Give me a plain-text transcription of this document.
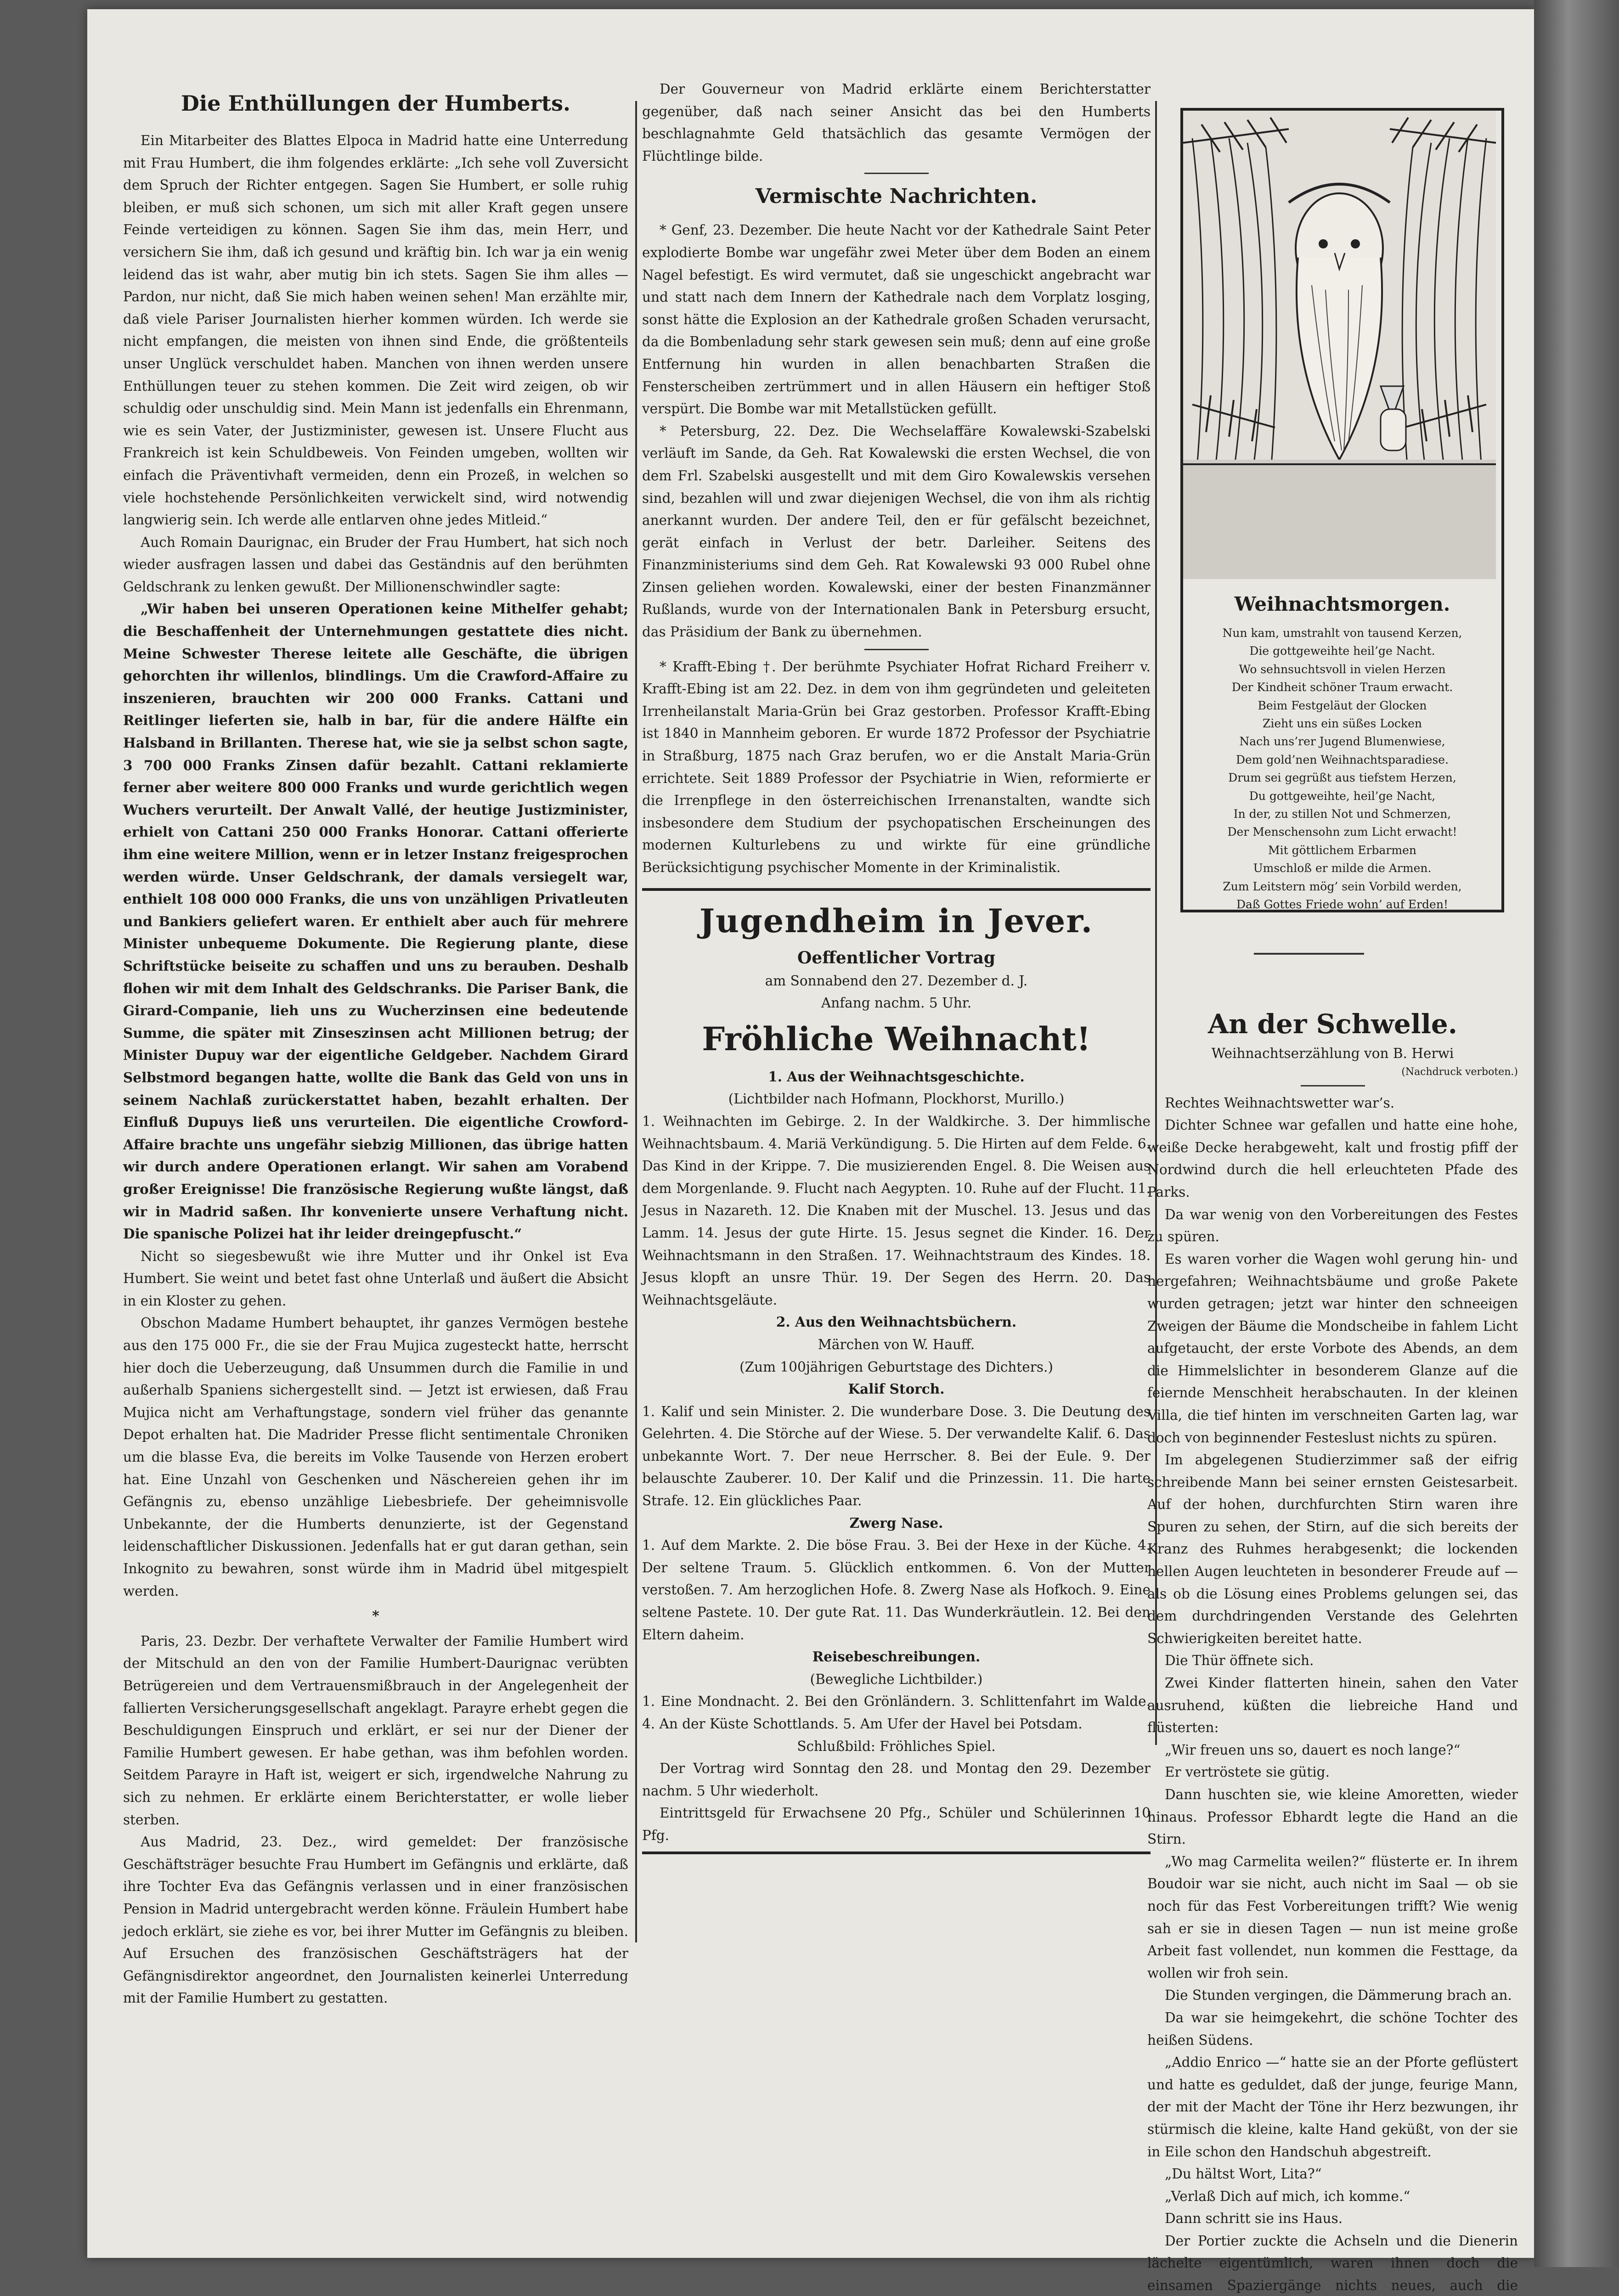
Die Enthüllungen der Humberts.

Ein Mitarbeiter des Blattes Elpoca in Madrid hatte eine Unterredung mit Frau Humbert, die ihm folgendes erklärte: „Ich sehe voll Zuversicht dem Spruch der Richter entgegen. Sagen Sie Humbert, er solle ruhig bleiben, er muß sich schonen, um sich mit aller Kraft gegen unsere Feinde verteidigen zu können. Sagen Sie ihm das, mein Herr, und versichern Sie ihm, daß ich gesund und kräftig bin. Ich war ja ein wenig leidend das ist wahr, aber mutig bin ich stets. Sagen Sie ihm alles — Pardon, nur nicht, daß Sie mich haben weinen sehen! Man erzählte mir, daß viele Pariser Journalisten hierher kommen würden. Ich werde sie nicht empfangen, die meisten von ihnen sind Ende, die größtenteils unser Unglück verschuldet haben. Manchen von ihnen werden unsere Enthüllungen teuer zu stehen kommen. Die Zeit wird zeigen, ob wir schuldig oder unschuldig sind. Mein Mann ist jedenfalls ein Ehrenmann, wie es sein Vater, der Justizminister, gewesen ist. Unsere Flucht aus Frankreich ist kein Schuldbeweis. Von Feinden umgeben, wollten wir einfach die Präventivhaft vermeiden, denn ein Prozeß, in welchen so viele hochstehende Persönlichkeiten verwickelt sind, wird notwendig langwierig sein. Ich werde alle entlarven ohne jedes Mitleid.“

Auch Romain Daurignac, ein Bruder der Frau Humbert, hat sich noch wieder ausfragen lassen und dabei das Geständnis auf den berühmten Geldschrank zu lenken gewußt. Der Millionenschwindler sagte:

„Wir haben bei unseren Operationen keine Mithelfer gehabt; die Beschaffenheit der Unternehmungen gestattete dies nicht. Meine Schwester Therese leitete alle Geschäfte, die übrigen gehorchten ihr willenlos, blindlings. Um die Crawford-Affaire zu inszenieren, brauchten wir 200 000 Franks. Cattani und Reitlinger lieferten sie, halb in bar, für die andere Hälfte ein Halsband in Brillanten. Therese hat, wie sie ja selbst schon sagte, 3 700 000 Franks Zinsen dafür bezahlt. Cattani reklamierte ferner aber weitere 800 000 Franks und wurde gerichtlich wegen Wuchers verurteilt. Der Anwalt Vallé, der heutige Justizminister, erhielt von Cattani 250 000 Franks Honorar. Cattani offerierte ihm eine weitere Million, wenn er in letzer Instanz freigesprochen werden würde. Unser Geldschrank, der damals versiegelt war, enthielt 108 000 000 Franks, die uns von unzähligen Privatleuten und Bankiers geliefert waren. Er enthielt aber auch für mehrere Minister unbequeme Dokumente. Die Regierung plante, diese Schriftstücke beiseite zu schaffen und uns zu berauben. Deshalb flohen wir mit dem Inhalt des Geldschranks. Die Pariser Bank, die Girard-Companie, lieh uns zu Wucherzinsen eine bedeutende Summe, die später mit Zinseszinsen acht Millionen betrug; der Minister Dupuy war der eigentliche Geldgeber. Nachdem Girard Selbstmord begangen hatte, wollte die Bank das Geld von uns in seinem Nachlaß zurückerstattet haben, bezahlt erhalten. Der Einfluß Dupuys ließ uns verurteilen. Die eigentliche Crowford-Affaire brachte uns ungefähr siebzig Millionen, das übrige hatten wir durch andere Operationen erlangt. Wir sahen am Vorabend großer Ereignisse! Die französische Regierung wußte längst, daß wir in Madrid saßen. Ihr konvenierte unsere Verhaftung nicht. Die spanische Polizei hat ihr leider dreingepfuscht.“

Nicht so siegesbewußt wie ihre Mutter und ihr Onkel ist Eva Humbert. Sie weint und betet fast ohne Unterlaß und äußert die Absicht in ein Kloster zu gehen.

Obschon Madame Humbert behauptet, ihr ganzes Vermögen bestehe aus den 175 000 Fr., die sie der Frau Mujica zugesteckt hatte, herrscht hier doch die Ueberzeugung, daß Unsummen durch die Familie in und außerhalb Spaniens sichergestellt sind. — Jetzt ist erwiesen, daß Frau Mujica nicht am Verhaftungstage, sondern viel früher das genannte Depot erhalten hat. Die Madrider Presse flicht sentimentale Chroniken um die blasse Eva, die bereits im Volke Tausende von Herzen erobert hat. Eine Unzahl von Geschenken und Näschereien gehen ihr im Gefängnis zu, ebenso unzählige Liebesbriefe. Der geheimnisvolle Unbekannte, der die Humberts denunzierte, ist der Gegenstand leidenschaftlicher Diskussionen. Jedenfalls hat er gut daran gethan, sein Inkognito zu bewahren, sonst würde ihm in Madrid übel mitgespielt werden.

*

Paris, 23. Dezbr. Der verhaftete Verwalter der Familie Humbert wird der Mitschuld an den von der Familie Humbert-Daurignac verübten Betrügereien und dem Vertrauensmißbrauch in der Angelegenheit der fallierten Versicherungsgesellschaft angeklagt. Parayre erhebt gegen die Beschuldigungen Einspruch und erklärt, er sei nur der Diener der Familie Humbert gewesen. Er habe gethan, was ihm befohlen worden. Seitdem Parayre in Haft ist, weigert er sich, irgendwelche Nahrung zu sich zu nehmen. Er erklärte einem Berichterstatter, er wolle lieber sterben.

Aus Madrid, 23. Dez., wird gemeldet: Der französische Geschäftsträger besuchte Frau Humbert im Gefängnis und erklärte, daß ihre Tochter Eva das Gefängnis verlassen und in einer französischen Pension in Madrid untergebracht werden könne. Fräulein Humbert habe jedoch erklärt, sie ziehe es vor, bei ihrer Mutter im Gefängnis zu bleiben. Auf Ersuchen des französischen Geschäftsträgers hat der Gefängnisdirektor angeordnet, den Journalisten keinerlei Unterredung mit der Familie Humbert zu gestatten.

Der Gouverneur von Madrid erklärte einem Berichterstatter gegenüber, daß nach seiner Ansicht das bei den Humberts beschlagnahmte Geld thatsächlich das gesamte Vermögen der Flüchtlinge bilde.

Vermischte Nachrichten.

* Genf, 23. Dezember. Die heute Nacht vor der Kathedrale Saint Peter explodierte Bombe war ungefähr zwei Meter über dem Boden an einem Nagel befestigt. Es wird vermutet, daß sie ungeschickt angebracht war und statt nach dem Innern der Kathedrale nach dem Vorplatz losging, sonst hätte die Explosion an der Kathedrale großen Schaden verursacht, da die Bombenladung sehr stark gewesen sein muß; denn auf eine große Entfernung hin wurden in allen benachbarten Straßen die Fensterscheiben zertrümmert und in allen Häusern ein heftiger Stoß verspürt. Die Bombe war mit Metallstücken gefüllt.

* Petersburg, 22. Dez. Die Wechselaffäre Kowalewski-Szabelski verläuft im Sande, da Geh. Rat Kowalewski die ersten Wechsel, die von dem Frl. Szabelski ausgestellt und mit dem Giro Kowalewskis versehen sind, bezahlen will und zwar diejenigen Wechsel, die von ihm als richtig anerkannt wurden. Der andere Teil, den er für gefälscht bezeichnet, gerät einfach in Verlust der betr. Darleiher. Seitens des Finanzministeriums sind dem Geh. Rat Kowalewski 93 000 Rubel ohne Zinsen geliehen worden. Kowalewski, einer der besten Finanzmänner Rußlands, wurde von der Internationalen Bank in Petersburg ersucht, das Präsidium der Bank zu übernehmen.

* Krafft-Ebing †. Der berühmte Psychiater Hofrat Richard Freiherr v. Krafft-Ebing ist am 22. Dez. in dem von ihm gegründeten und geleiteten Irrenheilanstalt Maria-Grün bei Graz gestorben. Professor Krafft-Ebing ist 1840 in Mannheim geboren. Er wurde 1872 Professor der Psychiatrie in Straßburg, 1875 nach Graz berufen, wo er die Anstalt Maria-Grün errichtete. Seit 1889 Professor der Psychiatrie in Wien, reformierte er die Irrenpflege in den österreichischen Irrenanstalten, wandte sich insbesondere dem Studium der psychopatischen Erscheinungen des modernen Kulturlebens zu und wirkte für eine gründliche Berücksichtigung psychischer Momente in der Kriminalistik.

Jugendheim in Jever.
Oeffentlicher Vortrag
am Sonnabend den 27. Dezember d. J.
Anfang nachm. 5 Uhr.
Fröhliche Weihnacht!
1. Aus der Weihnachtsgeschichte.
(Lichtbilder nach Hofmann, Plockhorst, Murillo.)

1. Weihnachten im Gebirge. 2. In der Waldkirche. 3. Der himmlische Weihnachtsbaum. 4. Mariä Verkündigung. 5. Die Hirten auf dem Felde. 6. Das Kind in der Krippe. 7. Die musizierenden Engel. 8. Die Weisen aus dem Morgenlande. 9. Flucht nach Aegypten. 10. Ruhe auf der Flucht. 11. Jesus in Nazareth. 12. Die Knaben mit der Muschel. 13. Jesus und das Lamm. 14. Jesus der gute Hirte. 15. Jesus segnet die Kinder. 16. Der Weihnachtsmann in den Straßen. 17. Weihnachtstraum des Kindes. 18. Jesus klopft an unsre Thür. 19. Der Segen des Herrn. 20. Das Weihnachtsgeläute.

2. Aus den Weihnachtsbüchern.
Märchen von W. Hauff.
(Zum 100jährigen Geburtstage des Dichters.)
Kalif Storch.

1. Kalif und sein Minister. 2. Die wunderbare Dose. 3. Die Deutung des Gelehrten. 4. Die Störche auf der Wiese. 5. Der verwandelte Kalif. 6. Das unbekannte Wort. 7. Der neue Herrscher. 8. Bei der Eule. 9. Der belauschte Zauberer. 10. Der Kalif und die Prinzessin. 11. Die harte Strafe. 12. Ein glückliches Paar.

Zwerg Nase.

1. Auf dem Markte. 2. Die böse Frau. 3. Bei der Hexe in der Küche. 4. Der seltene Traum. 5. Glücklich entkommen. 6. Von der Mutter verstoßen. 7. Am herzoglichen Hofe. 8. Zwerg Nase als Hofkoch. 9. Eine seltene Pastete. 10. Der gute Rat. 11. Das Wunderkräutlein. 12. Bei den Eltern daheim.

Reisebeschreibungen.
(Bewegliche Lichtbilder.)

1. Eine Mondnacht. 2. Bei den Grönländern. 3. Schlittenfahrt im Walde. 4. An der Küste Schottlands. 5. Am Ufer der Havel bei Potsdam.

Schlußbild: Fröhliches Spiel.

Der Vortrag wird Sonntag den 28. und Montag den 29. Dezember nachm. 5 Uhr wiederholt.

Eintrittsgeld für Erwachsene 20 Pfg., Schüler und Schülerinnen 10 Pfg.

Weihnachtsmorgen.
Nun kam, umstrahlt von tausend Kerzen,
Die gottgeweihte heil’ge Nacht.
Wo sehnsuchtsvoll in vielen Herzen
Der Kindheit schöner Traum erwacht.
Beim Festgeläut der Glocken
Zieht uns ein süßes Locken
Nach uns’rer Jugend Blumenwiese,
Dem gold’nen Weihnachtsparadiese.
Drum sei gegrüßt aus tiefstem Herzen,
Du gottgeweihte, heil’ge Nacht,
In der, zu stillen Not und Schmerzen,
Der Menschensohn zum Licht erwacht!
Mit göttlichem Erbarmen
Umschloß er milde die Armen.
Zum Leitstern mög’ sein Vorbild werden,
Daß Gottes Friede wohn’ auf Erden!
An der Schwelle.
Weihnachtserzählung von B. Herwi
(Nachdruck verboten.)

Rechtes Weihnachtswetter war’s.

Dichter Schnee war gefallen und hatte eine hohe, weiße Decke herabgeweht, kalt und frostig pfiff der Nordwind durch die hell erleuchteten Pfade des Parks.

Da war wenig von den Vorbereitungen des Festes zu spüren.

Es waren vorher die Wagen wohl gerung hin- und hergefahren; Weihnachtsbäume und große Pakete wurden getragen; jetzt war hinter den schneeigen Zweigen der Bäume die Mondscheibe in fahlem Licht aufgetaucht, der erste Vorbote des Abends, an dem die Himmelslichter in besonderem Glanze auf die feiernde Menschheit herabschauten. In der kleinen Villa, die tief hinten im verschneiten Garten lag, war doch von beginnender Festeslust nichts zu spüren.

Im abgelegenen Studierzimmer saß der eifrig schreibende Mann bei seiner ernsten Geistesarbeit. Auf der hohen, durchfurchten Stirn waren ihre Spuren zu sehen, der Stirn, auf die sich bereits der Kranz des Ruhmes herabgesenkt; die lockenden hellen Augen leuchteten in besonderer Freude auf — als ob die Lösung eines Problems gelungen sei, das dem durchdringenden Verstande des Gelehrten Schwierigkeiten bereitet hatte.

Die Thür öffnete sich.

Zwei Kinder flatterten hinein, sahen den Vater ausruhend, küßten die liebreiche Hand und flüsterten:

„Wir freuen uns so, dauert es noch lange?“

Er vertröstete sie gütig.

Dann huschten sie, wie kleine Amoretten, wieder hinaus. Professor Ebhardt legte die Hand an die Stirn.

„Wo mag Carmelita weilen?“ flüsterte er. In ihrem Boudoir war sie nicht, auch nicht im Saal — ob sie noch für das Fest Vorbereitungen trifft? Wie wenig sah er sie in diesen Tagen — nun ist meine große Arbeit fast vollendet, nun kommen die Festtage, da wollen wir froh sein.

Die Stunden vergingen, die Dämmerung brach an.

Da war sie heimgekehrt, die schöne Tochter des heißen Südens.

„Addio Enrico —“ hatte sie an der Pforte geflüstert und hatte es geduldet, daß der junge, feurige Mann, der mit der Macht der Töne ihr Herz bezwungen, ihr stürmisch die kleine, kalte Hand geküßt, von der sie in Eile schon den Handschuh abgestreift.

„Du hältst Wort, Lita?“

„Verlaß Dich auf mich, ich komme.“

Dann schritt sie ins Haus.

Der Portier zuckte die Achseln und die Dienerin lächelte eigentümlich, waren ihnen doch die einsamen Spaziergänge nichts neues, auch die
